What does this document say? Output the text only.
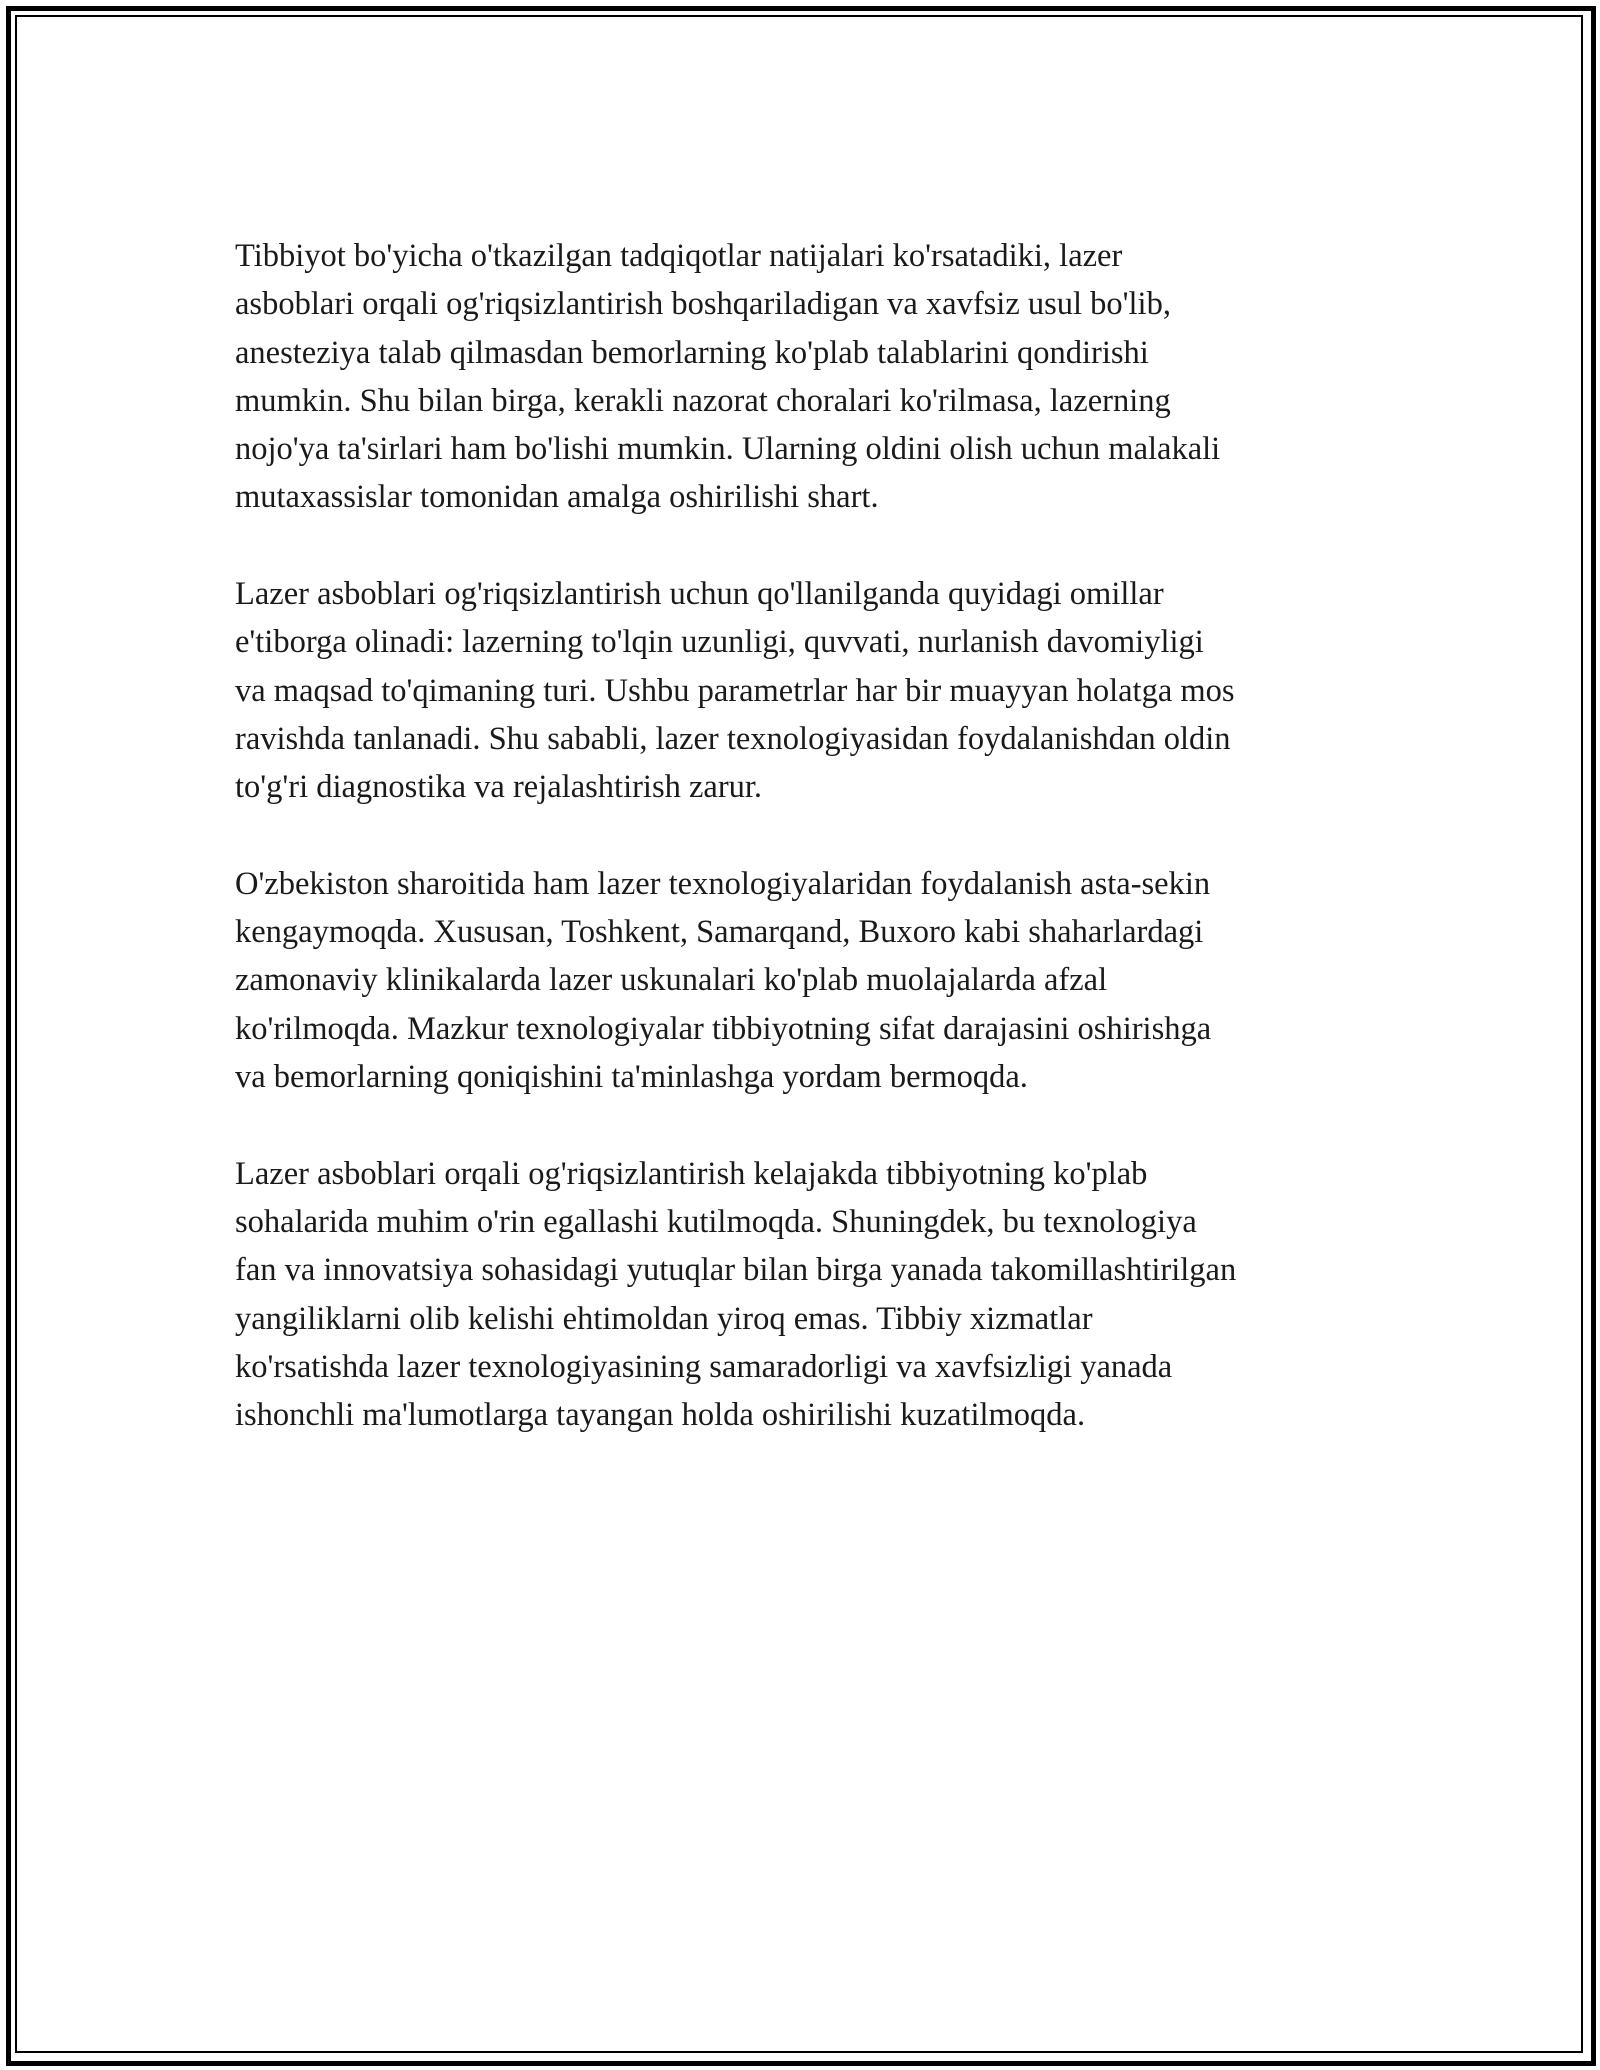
Tibbiyot bo'yicha o'tkazilgan tadqiqotlar natijalari ko'rsatadiki, lazer
asboblari orqali og'riqsizlantirish boshqariladigan va xavfsiz usul bo'lib,
anesteziya talab qilmasdan bemorlarning ko'plab talablarini qondirishi
mumkin. Shu bilan birga, kerakli nazorat choralari ko'rilmasa, lazerning
nojo'ya ta'sirlari ham bo'lishi mumkin. Ularning oldini olish uchun malakali
mutaxassislar tomonidan amalga oshirilishi shart.

Lazer asboblari og'riqsizlantirish uchun qo'llanilganda quyidagi omillar
e'tiborga olinadi: lazerning to'lqin uzunligi, quvvati, nurlanish davomiyligi
va maqsad to'qimaning turi. Ushbu parametrlar har bir muayyan holatga mos
ravishda tanlanadi. Shu sababli, lazer texnologiyasidan foydalanishdan oldin
to'g'ri diagnostika va rejalashtirish zarur.

O'zbekiston sharoitida ham lazer texnologiyalaridan foydalanish asta-sekin
kengaymoqda. Xususan, Toshkent, Samarqand, Buxoro kabi shaharlardagi
zamonaviy klinikalarda lazer uskunalari ko'plab muolajalarda afzal
ko'rilmoqda. Mazkur texnologiyalar tibbiyotning sifat darajasini oshirishga
va bemorlarning qoniqishini ta'minlashga yordam bermoqda.

Lazer asboblari orqali og'riqsizlantirish kelajakda tibbiyotning ko'plab
sohalarida muhim o'rin egallashi kutilmoqda. Shuningdek, bu texnologiya
fan va innovatsiya sohasidagi yutuqlar bilan birga yanada takomillashtirilgan
yangiliklarni olib kelishi ehtimoldan yiroq emas. Tibbiy xizmatlar
ko'rsatishda lazer texnologiyasining samaradorligi va xavfsizligi yanada
ishonchli ma'lumotlarga tayangan holda oshirilishi kuzatilmoqda.
